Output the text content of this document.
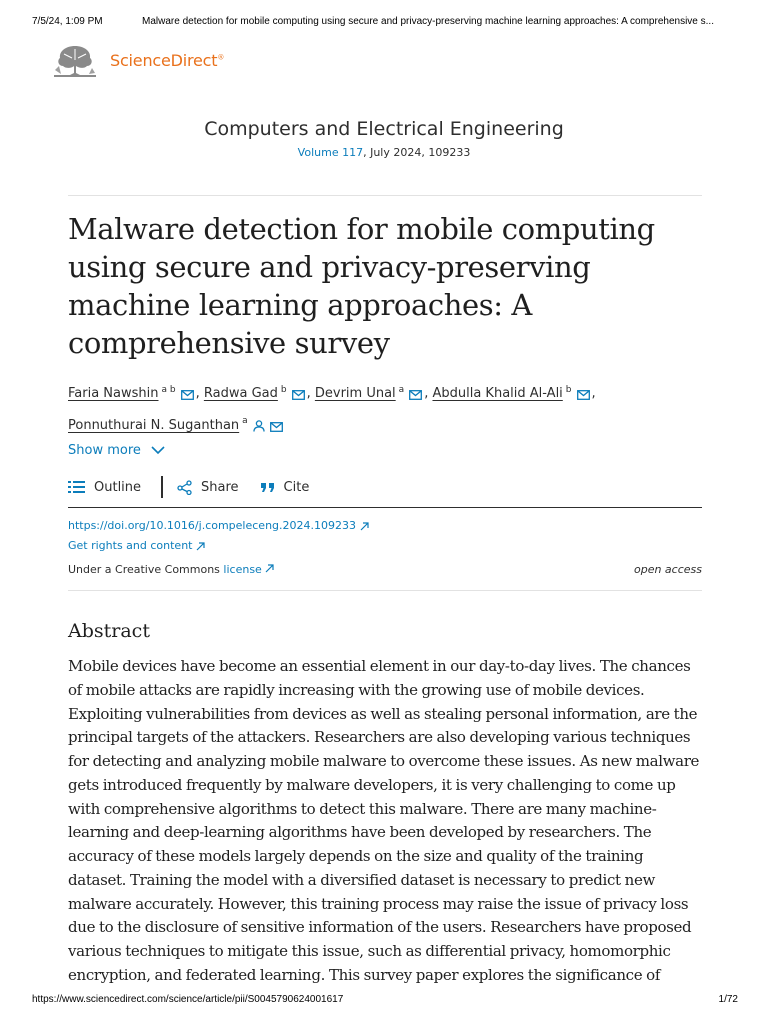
7/5/24, 1:09 PM	Malware detection for mobile computing using secure and privacy-preserving machine learning approaches: A comprehensive s...
ScienceDirect®
Computers and Electrical Engineering
Volume 117, July 2024, 109233
Malware detection for mobile computing using secure and privacy-preserving machine learning approaches: A comprehensive survey
Faria Nawshin $^{a b}$ , Radwa Gad $^b$ , Devrim Unal $^a$ , Abdulla Khalid Al-Ali $^b$ ,
Ponnuthurai N. Suganthan $^a$
Show more
Outline	Share	Cite
https://doi.org/10.1016/j.compeleceng.2024.109233
Get rights and content
Under a Creative Commons license	open access
Abstract

Mobile devices have become an essential element in our day-to-day lives. The chances of mobile attacks are rapidly increasing with the growing use of mobile devices. Exploiting vulnerabilities from devices as well as stealing personal information, are the principal targets of the attackers. Researchers are also developing various techniques for detecting and analyzing mobile malware to overcome these issues. As new malware gets introduced frequently by malware developers, it is very challenging to come up with comprehensive algorithms to detect this malware. There are many machine-learning and deep-learning algorithms have been developed by researchers. The accuracy of these models largely depends on the size and quality of the training dataset. Training the model with a diversified dataset is necessary to predict new malware accurately. However, this training process may raise the issue of privacy loss due to the disclosure of sensitive information of the users. Researchers have proposed various techniques to mitigate this issue, such as differential privacy, homomorphic encryption, and federated learning. This survey paper explores the significance of

https://www.sciencedirect.com/science/article/pii/S0045790624001617	1/72
